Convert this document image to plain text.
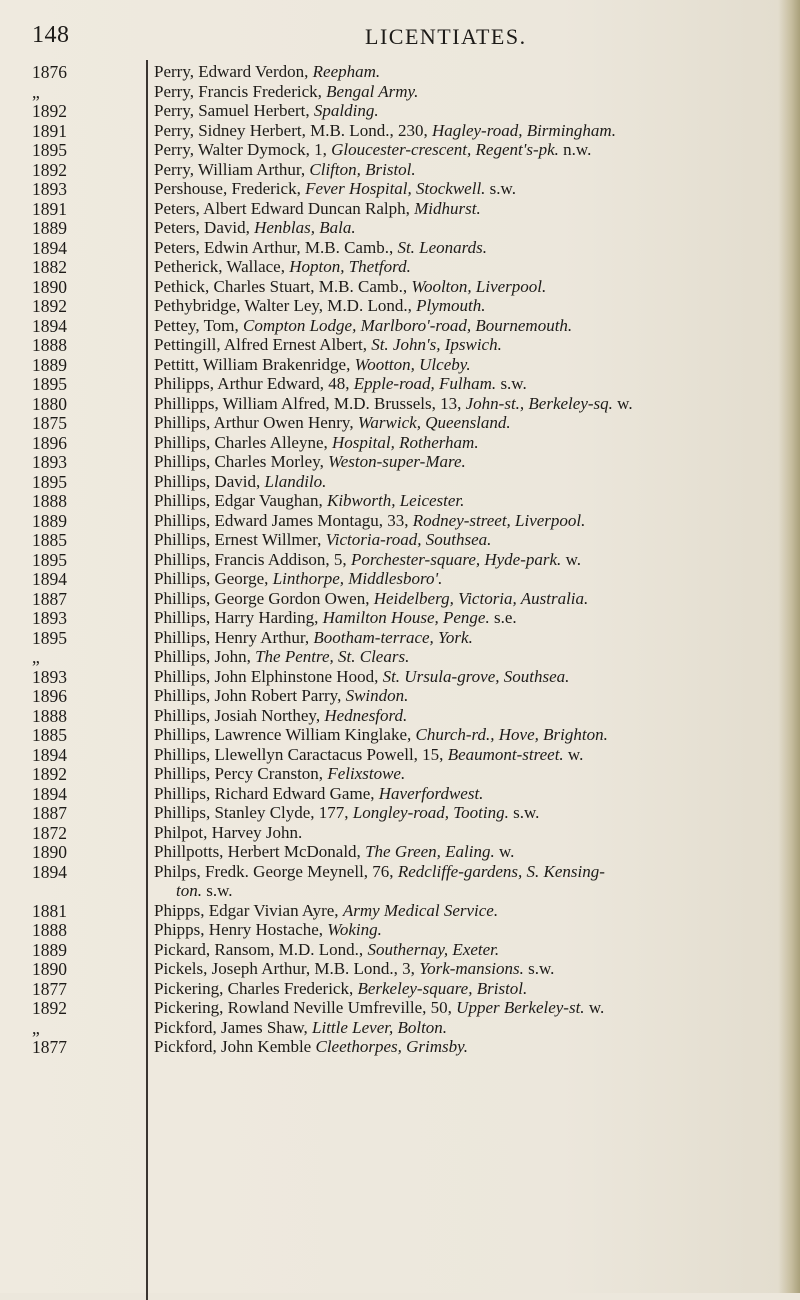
148	LICENTIATES.
1876	Perry, Edward Verdon, Reepham.
„	Perry, Francis Frederick, Bengal Army.
1892	Perry, Samuel Herbert, Spalding.
1891	Perry, Sidney Herbert, M.B. Lond., 230, Hagley-road, Birmingham.
1895	Perry, Walter Dymock, 1, Gloucester-crescent, Regent's-pk. n.w.
1892	Perry, William Arthur, Clifton, Bristol.
1893	Pershouse, Frederick, Fever Hospital, Stockwell. s.w.
1891	Peters, Albert Edward Duncan Ralph, Midhurst.
1889	Peters, David, Henblas, Bala.
1894	Peters, Edwin Arthur, M.B. Camb., St. Leonards.
1882	Petherick, Wallace, Hopton, Thetford.
1890	Pethick, Charles Stuart, M.B. Camb., Woolton, Liverpool.
1892	Pethybridge, Walter Ley, M.D. Lond., Plymouth.
1894	Pettey, Tom, Compton Lodge, Marlboro'-road, Bournemouth.
1888	Pettingill, Alfred Ernest Albert, St. John's, Ipswich.
1889	Pettitt, William Brakenridge, Wootton, Ulceby.
1895	Philipps, Arthur Edward, 48, Epple-road, Fulham. s.w.
1880	Phillipps, William Alfred, M.D. Brussels, 13, John-st., Berkeley-sq. w.
1875	Phillips, Arthur Owen Henry, Warwick, Queensland.
1896	Phillips, Charles Alleyne, Hospital, Rotherham.
1893	Phillips, Charles Morley, Weston-super-Mare.
1895	Phillips, David, Llandilo.
1888	Phillips, Edgar Vaughan, Kibworth, Leicester.
1889	Phillips, Edward James Montagu, 33, Rodney-street, Liverpool.
1885	Phillips, Ernest Willmer, Victoria-road, Southsea.
1895	Phillips, Francis Addison, 5, Porchester-square, Hyde-park. w.
1894	Phillips, George, Linthorpe, Middlesboro'.
1887	Phillips, George Gordon Owen, Heidelberg, Victoria, Australia.
1893	Phillips, Harry Harding, Hamilton House, Penge. s.e.
1895	Phillips, Henry Arthur, Bootham-terrace, York.
„	Phillips, John, The Pentre, St. Clears.
1893	Phillips, John Elphinstone Hood, St. Ursula-grove, Southsea.
1896	Phillips, John Robert Parry, Swindon.
1888	Phillips, Josiah Northey, Hednesford.
1885	Phillips, Lawrence William Kinglake, Church-rd., Hove, Brighton.
1894	Phillips, Llewellyn Caractacus Powell, 15, Beaumont-street. w.
1892	Phillips, Percy Cranston, Felixstowe.
1894	Phillips, Richard Edward Game, Haverfordwest.
1887	Phillips, Stanley Clyde, 177, Longley-road, Tooting. s.w.
1872	Philpot, Harvey John.
1890	Phillpotts, Herbert McDonald, The Green, Ealing. w.
1894	Philps, Fredk. George Meynell, 76, Redcliffe-gardens, S. Kensing-
ton. s.w.
1881	Phipps, Edgar Vivian Ayre, Army Medical Service.
1888	Phipps, Henry Hostache, Woking.
1889	Pickard, Ransom, M.D. Lond., Southernay, Exeter.
1890	Pickels, Joseph Arthur, M.B. Lond., 3, York-mansions. s.w.
1877	Pickering, Charles Frederick, Berkeley-square, Bristol.
1892	Pickering, Rowland Neville Umfreville, 50, Upper Berkeley-st. w.
„	Pickford, James Shaw, Little Lever, Bolton.
1877	Pickford, John Kemble Cleethorpes, Grimsby.
